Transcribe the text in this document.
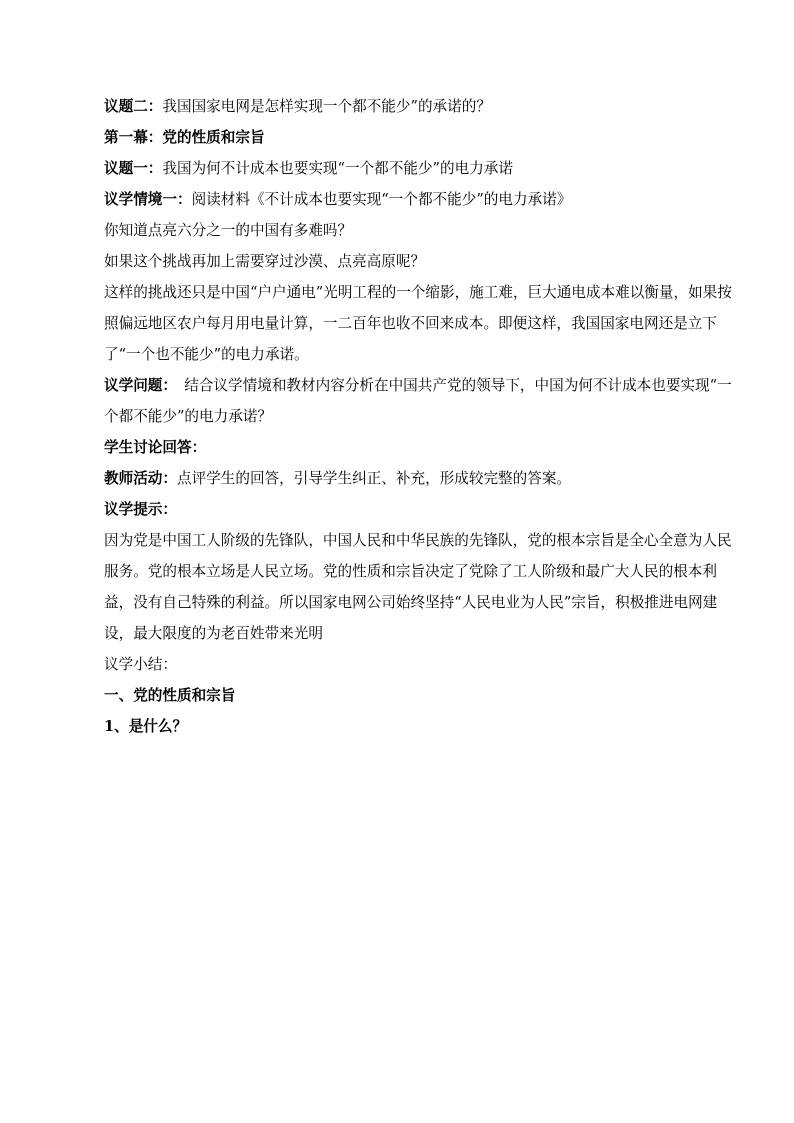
议题二：我国国家电网是怎样实现一个都不能少”的承诺的？

第一幕：党的性质和宗旨

议题一：我国为何不计成本也要实现“一个都不能少”的电力承诺

议学情境一：阅读材料《不计成本也要实现“一个都不能少”的电力承诺》

你知道点亮六分之一的中国有多难吗？

如果这个挑战再加上需要穿过沙漠、点亮高原呢？

这样的挑战还只是中国“户户通电”光明工程的一个缩影，施工难，巨大通电成本难以衡量，如果按照偏远地区农户每月用电量计算，一二百年也收不回来成本。即便这样，我国国家电网还是立下了“一个也不能少”的电力承诺。

议学问题：　结合议学情境和教材内容分析在中国共产党的领导下，中国为何不计成本也要实现“一个都不能少”的电力承诺？

学生讨论回答：

教师活动：点评学生的回答，引导学生纠正、补充，形成较完整的答案。

议学提示：

因为党是中国工人阶级的先锋队，中国人民和中华民族的先锋队，党的根本宗旨是全心全意为人民服务。党的根本立场是人民立场。党的性质和宗旨决定了党除了工人阶级和最广大人民的根本利益，没有自己特殊的利益。所以国家电网公司始终坚持“人民电业为人民”宗旨，积极推进电网建设，最大限度的为老百姓带来光明

议学小结：

一、党的性质和宗旨

1、是什么？
